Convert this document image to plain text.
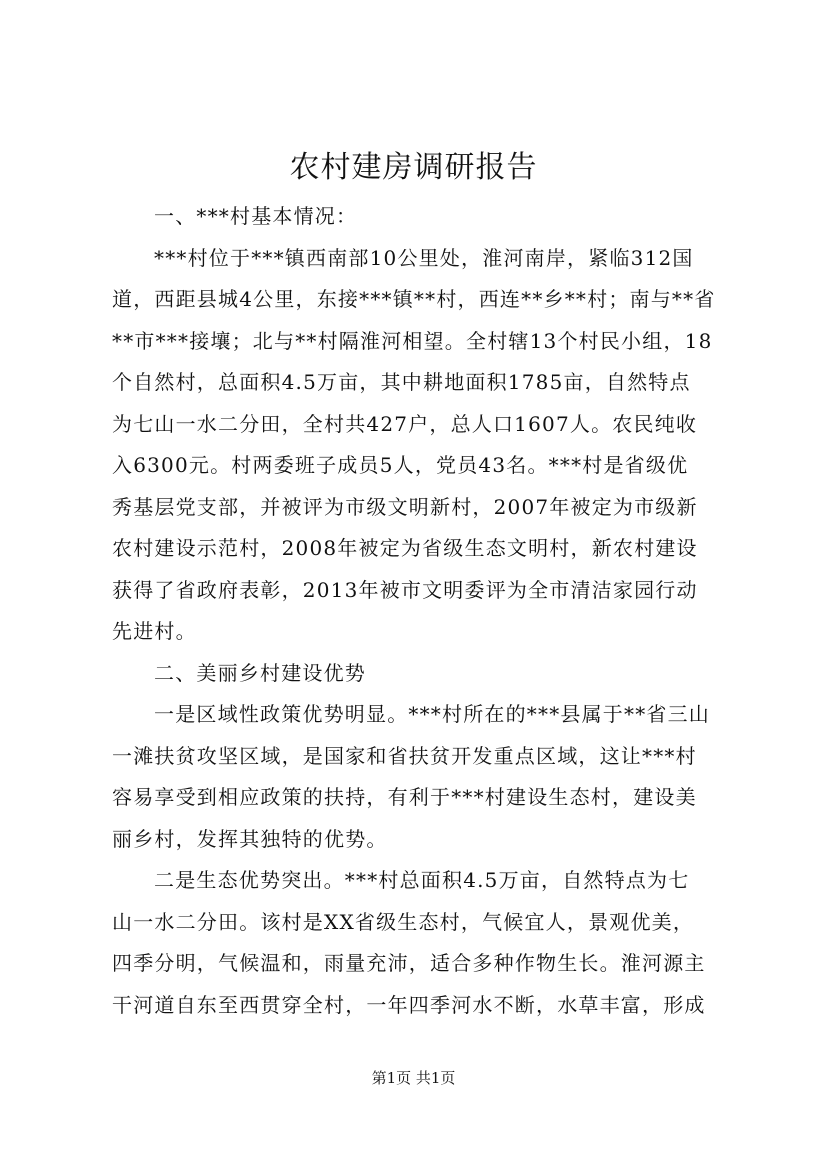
农村建房调研报告
一、***村基本情况：
***村位于***镇西南部10公里处，淮河南岸，紧临312国
道，西距县城4公里，东接***镇**村，西连**乡**村；南与**省
**市***接壤；北与**村隔淮河相望。全村辖13个村民小组，18
个自然村，总面积4.5万亩，其中耕地面积1785亩，自然特点
为七山一水二分田，全村共427户，总人口1607人。农民纯收
入6300元。村两委班子成员5人，党员43名。***村是省级优
秀基层党支部，并被评为市级文明新村，2007年被定为市级新
农村建设示范村，2008年被定为省级生态文明村，新农村建设
获得了省政府表彰，2013年被市文明委评为全市清洁家园行动
先进村。
二、美丽乡村建设优势
一是区域性政策优势明显。***村所在的***县属于**省三山
一滩扶贫攻坚区域，是国家和省扶贫开发重点区域，这让***村
容易享受到相应政策的扶持，有利于***村建设生态村，建设美
丽乡村，发挥其独特的优势。
二是生态优势突出。***村总面积4.5万亩，自然特点为七
山一水二分田。该村是XX省级生态村，气候宜人，景观优美，
四季分明，气候温和，雨量充沛，适合多种作物生长。淮河源主
干河道自东至西贯穿全村，一年四季河水不断，水草丰富，形成
第1页 共1页
